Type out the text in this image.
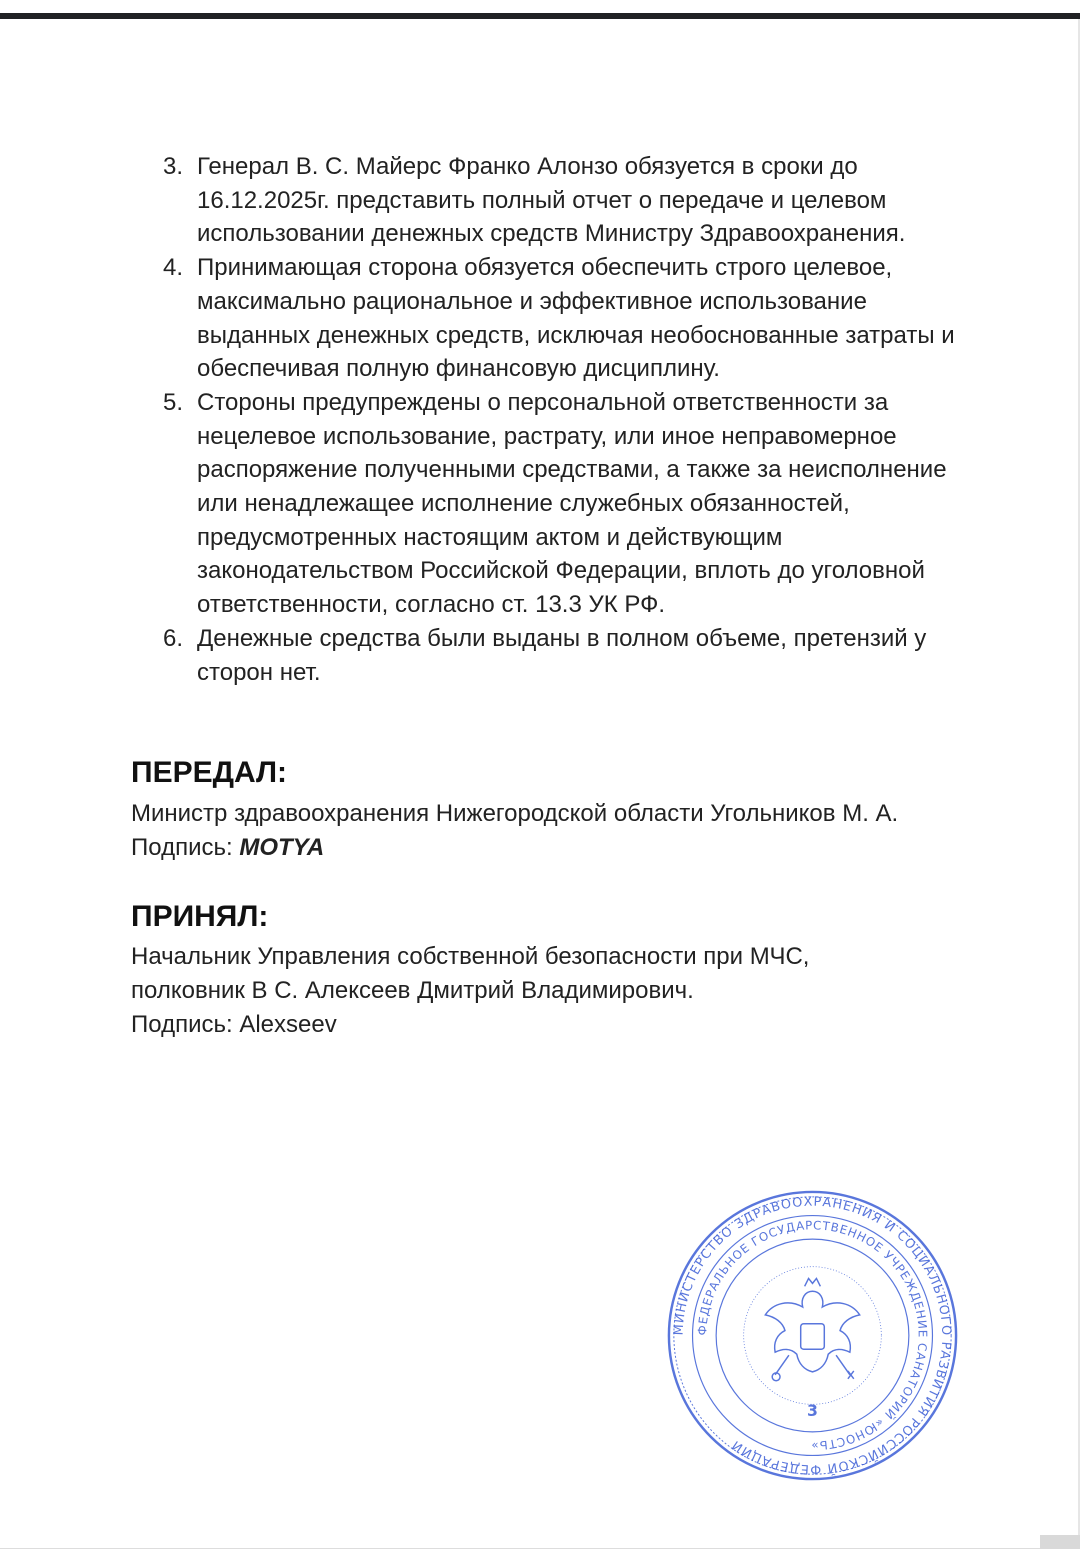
3. Генерал В. С. Майерс Франко Алонзо обязуется в сроки до 16.12.2025г. представить полный отчет о передаче и целевом использовании денежных средств Министру Здравоохранения.
4. Принимающая сторона обязуется обеспечить строго целевое, максимально рациональное и эффективное использование выданных денежных средств, исключая необоснованные затраты и обеспечивая полную финансовую дисциплину.
5. Стороны предупреждены о персональной ответственности за нецелевое использование, растрату, или иное неправомерное распоряжение полученными средствами, а также за неисполнение или ненадлежащее исполнение служебных обязанностей, предусмотренных настоящим актом и действующим законодательством Российской Федерации, вплоть до уголовной ответственности, согласно ст. 13.3 УК РФ.
6. Денежные средства были выданы в полном объеме, претензий у сторон нет.
ПЕРЕДАЛ:
Министр здравоохранения Нижегородской области Угольников М. А.
Подпись: MOTYA
ПРИНЯЛ:
Начальник Управления собственной безопасности при МЧС,
полковник В С. Алексеев Дмитрий Владимирович.
Подпись: Alexseev
МИНИСТЕРСТВО ЗДРАВООХРАНЕНИЯ И СОЦИАЛЬНОГО РАЗВИТИЯ РОССИЙСКОЙ ФЕДЕРАЦИИ
ФЕДЕРАЛЬНОЕ ГОСУДАРСТВЕННОЕ УЧРЕЖДЕНИЕ САНАТОРИЙ «ЮНОСТЬ»
3
